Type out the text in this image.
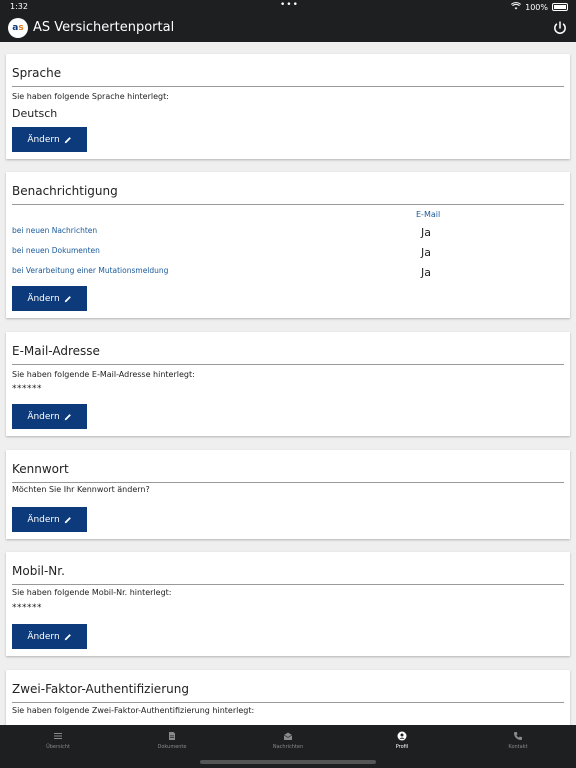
1:32	•••	100%
a s AS Versichertenportal
Sprache
Sie haben folgende Sprache hinterlegt:
Deutsch
Ändern
Benachrichtigung
E-Mail
bei neuen Nachrichten	Ja
bei neuen Dokumenten	Ja
bei Verarbeitung einer Mutationsmeldung	Ja
Ändern
E-Mail-Adresse
Sie haben folgende E-Mail-Adresse hinterlegt:
******
Ändern
Kennwort
Möchten Sie Ihr Kennwort ändern?
Ändern
Mobil-Nr.
Sie haben folgende Mobil-Nr. hinterlegt:
******
Ändern
Zwei-Faktor-Authentifizierung
Sie haben folgende Zwei-Faktor-Authentifizierung hinterlegt:
Übersicht	Dokumente	Nachrichten	Profil	Kontakt
